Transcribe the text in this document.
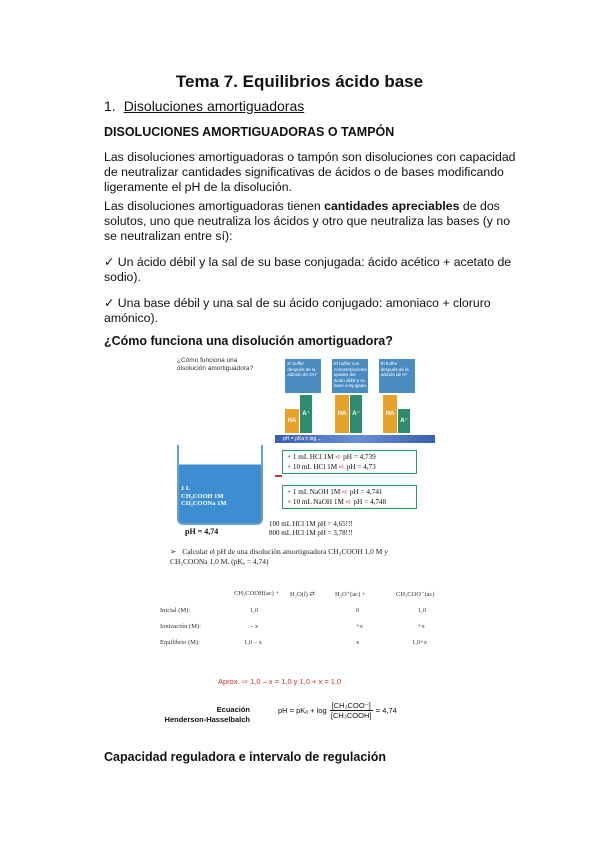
Tema 7. Equilibrios ácido base
1. Disoluciones amortiguadoras
DISOLUCIONES AMORTIGUADORAS O TAMPÓN
Las disoluciones amortiguadoras o tampón son disoluciones con capacidad de neutralizar cantidades significativas de ácidos o de bases modificando ligeramente el pH de la disolución.
Las disoluciones amortiguadoras tienen cantidades apreciables de dos solutos, uno que neutraliza los ácidos y otro que neutraliza las bases (y no se neutralizan entre sí):
✓ Un ácido débil y la sal de su base conjugada: ácido acético + acetato de sodio).
✓ Una base débil y una sal de su ácido conjugado: amoniaco + cloruro amónico).
¿Cómo funciona una disolución amortiguadora?
¿Cómo funciona una
disolución amortiguadora?
El buffer después de la adición de OH⁻
El buffer con concentraciones iguales del ácido débil y su base conjugada
El buffer después de la adición de H⁺
HA
A⁻	HA A⁻	HA
A⁻
pH = pKa ± log ...
+ 1 mL HCl 1M ➪ pH = 4,739
+ 10 mL HCl 1M ➪ pH = 4,73
+ 1 mL NaOH 1M ➪ pH = 4,741
+ 10 mL NaOH 1M ➪ pH = 4,748
1 L
CH₃COOH 1M
CH₃COONa 1M
pH = 4,74
100 mL HCl 1M pH = 4,65!!!
800 mL HCl 1M pH = 3,78!!!
➢ Calcular el pH de una disolución amortiguadora CH₃COOH 1,0 M y
CH₃COONa 1,0 M. (pKₐ = 4,74)
CH₃COOH(ac) + H₂O(l) ⇄	H₃O⁺(ac) +	CH₃COO⁻(ac)
Inicial (M):	1,0	0	1,0
Ionización (M):	– x	+x	+x
Equilibrio (M):	1,0 – x	x	1,0+x
Aprox. ⇨ 1,0 – x = 1,0 y 1,0 + x = 1,0
Ecuación
Henderson-Hasselbalch
pH = $pK_a + \log \frac{\text{[CH₃COO⁻]}}{\text{[CH₃COOH]}} = 4,74$
Capacidad reguladora e intervalo de regulación
